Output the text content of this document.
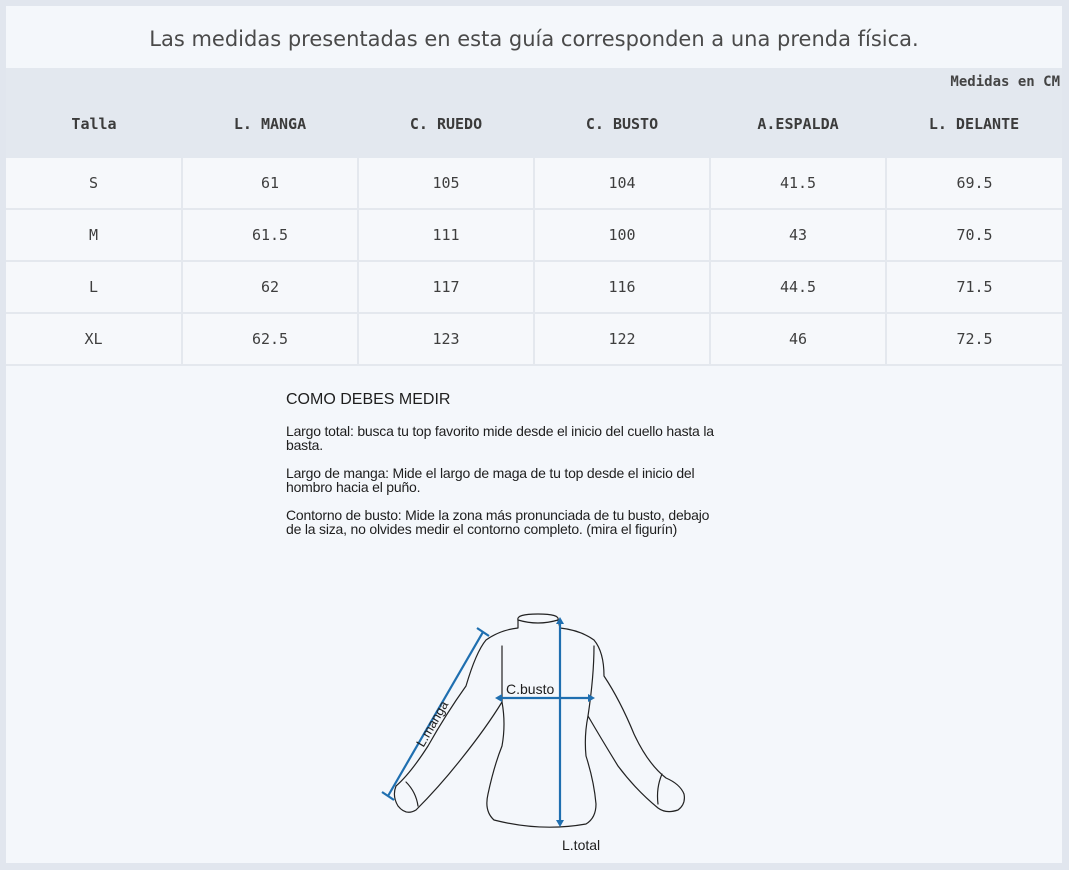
Las medidas presentadas en esta guía corresponden a una prenda física.
Medidas en CM
Talla	L. MANGA	C. RUEDO	C. BUSTO	A.ESPALDA	L. DELANTE
S	61	105	104	41.5	69.5
M	61.5	111	100	43	70.5
L	62	117	116	44.5	71.5
XL	62.5	123	122	46	72.5
COMO DEBES MEDIR

Largo total: busca tu top favorito mide desde el inicio del cuello hasta la
basta.

Largo de manga: Mide el largo de maga de tu top desde el inicio del
hombro hacia el puño.

Contorno de busto: Mide la zona más pronunciada de tu busto, debajo
de la siza, no olvides medir el contorno completo. (mira el figurín)

L.manga
C.busto
L.total
